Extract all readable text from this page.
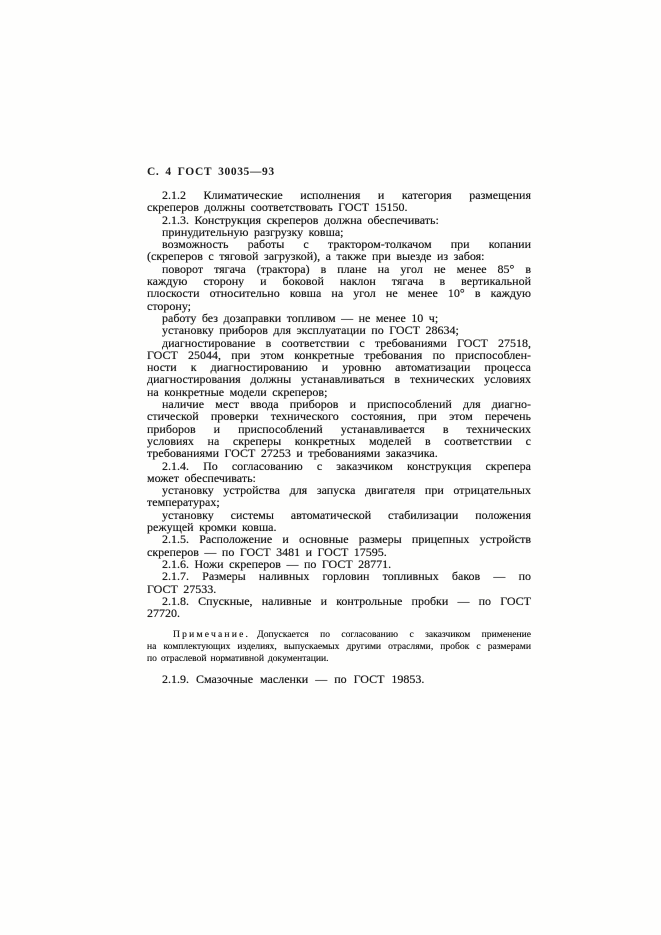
С. 4 ГОСТ 30035—93
2.1.2 Климатические исполнения и категория размещения
скреперов должны соответствовать ГОСТ 15150.
2.1.3. Конструкция скреперов должна обеспечивать:
принудительную разгрузку ковша;
возможность работы с трактором-толкачом при копании
(скреперов с тяговой загрузкой), а также при выезде из забоя:
поворот тягача (трактора) в плане на угол не менее 85° в
каждую сторону и боковой наклон тягача в вертикальной
плоскости относительно ковша на угол не менее 10° в каждую
сторону;
работу без дозаправки топливом — не менее 10 ч;
установку приборов для эксплуатации по ГОСТ 28634;
диагностирование в соответствии с требованиями ГОСТ 27518,
ГОСТ 25044, при этом конкретные требования по приспособлен-
ности к диагностированию и уровню автоматизации процесса
диагностирования должны устанавливаться в технических условиях
на конкретные модели скреперов;
наличие мест ввода приборов и приспособлений для диагно-
стической проверки технического состояния, при этом перечень
приборов и приспособлений устанавливается в технических
условиях на скреперы конкретных моделей в соответствии с
требованиями ГОСТ 27253 и требованиями заказчика.
2.1.4. По согласованию с заказчиком конструкция скрепера
может обеспечивать:
установку устройства для запуска двигателя при отрицательных
температурах;
установку системы автоматической стабилизации положения
режущей кромки ковша.
2.1.5. Расположение и основные размеры прицепных устройств
скреперов — по ГОСТ 3481 и ГОСТ 17595.
2.1.6. Ножи скреперов — по ГОСТ 28771.
2.1.7. Размеры наливных горловин топливных баков — по
ГОСТ 27533.
2.1.8. Спускные, наливные и контрольные пробки — по ГОСТ
27720.
Примечание. Допускается по согласованию с заказчиком применение
на комплектующих изделиях, выпускаемых другими отраслями, пробок с размерами
по отраслевой нормативной документации.
2.1.9. Смазочные масленки — по ГОСТ 19853.
